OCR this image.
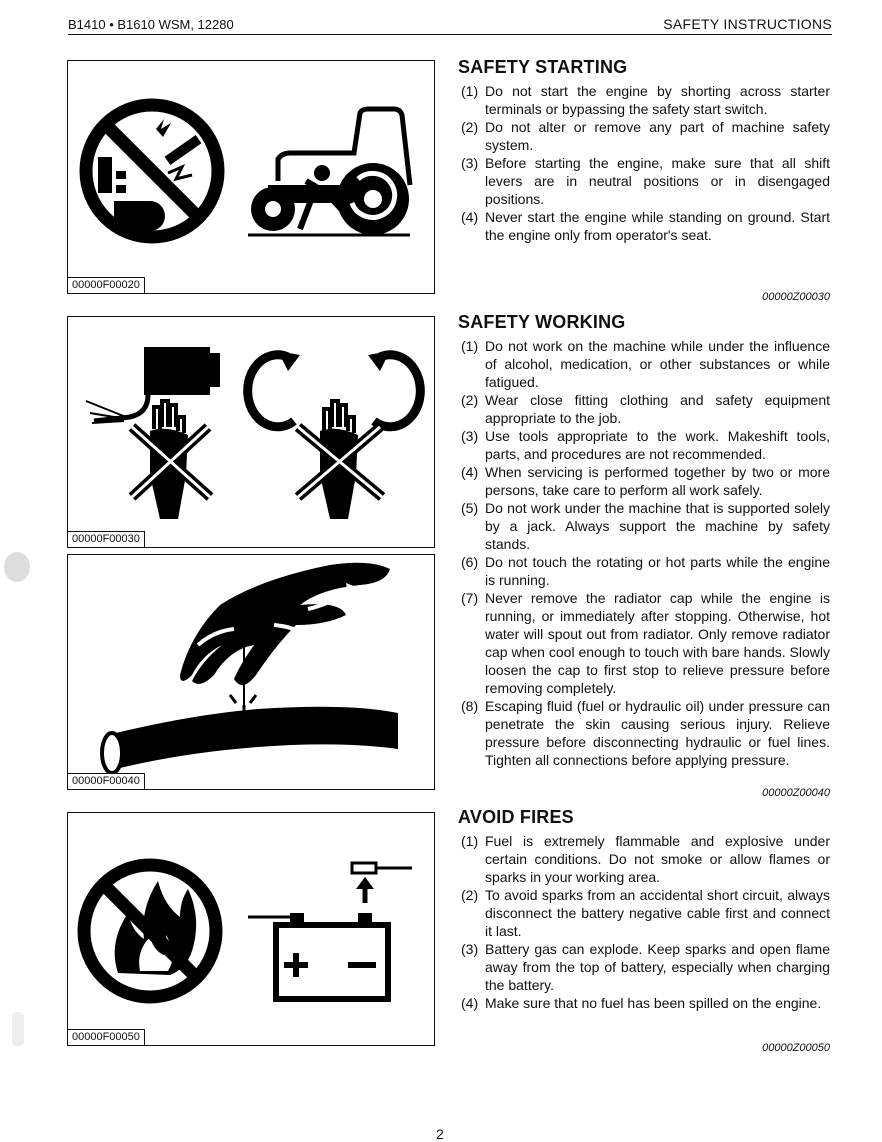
B1410 • B1610 WSM, 12280	SAFETY INSTRUCTIONS
00000F00020
00000F00030
00000F00040
00000F00050
SAFETY STARTING
(1) Do not start the engine by shorting across starter terminals or bypassing the safety start switch.
(2) Do not alter or remove any part of machine safety system.
(3) Before starting the engine, make sure that all shift levers are in neutral positions or in disengaged positions.
(4) Never start the engine while standing on ground. Start the engine only from operator's seat.
00000Z00030
SAFETY WORKING
(1) Do not work on the machine while under the influence of alcohol, medication, or other substances or while fatigued.
(2) Wear close fitting clothing and safety equipment appropriate to the job.
(3) Use tools appropriate to the work. Makeshift tools, parts, and procedures are not recommended.
(4) When servicing is performed together by two or more persons, take care to perform all work safely.
(5) Do not work under the machine that is supported solely by a jack. Always support the machine by safety stands.
(6) Do not touch the rotating or hot parts while the engine is running.
(7) Never remove the radiator cap while the engine is running, or immediately after stopping. Otherwise, hot water will spout out from radiator. Only remove radiator cap when cool enough to touch with bare hands. Slowly loosen the cap to first stop to relieve pressure before removing completely.
(8) Escaping fluid (fuel or hydraulic oil) under pressure can penetrate the skin causing serious injury. Relieve pressure before disconnecting hydraulic or fuel lines. Tighten all connections before applying pressure.
00000Z00040
AVOID FIRES
(1) Fuel is extremely flammable and explosive under certain conditions. Do not smoke or allow flames or sparks in your working area.
(2) To avoid sparks from an accidental short circuit, always disconnect the battery negative cable first and connect it last.
(3) Battery gas can explode. Keep sparks and open flame away from the top of battery, especially when charging the battery.
(4) Make sure that no fuel has been spilled on the engine.
00000Z00050
2
